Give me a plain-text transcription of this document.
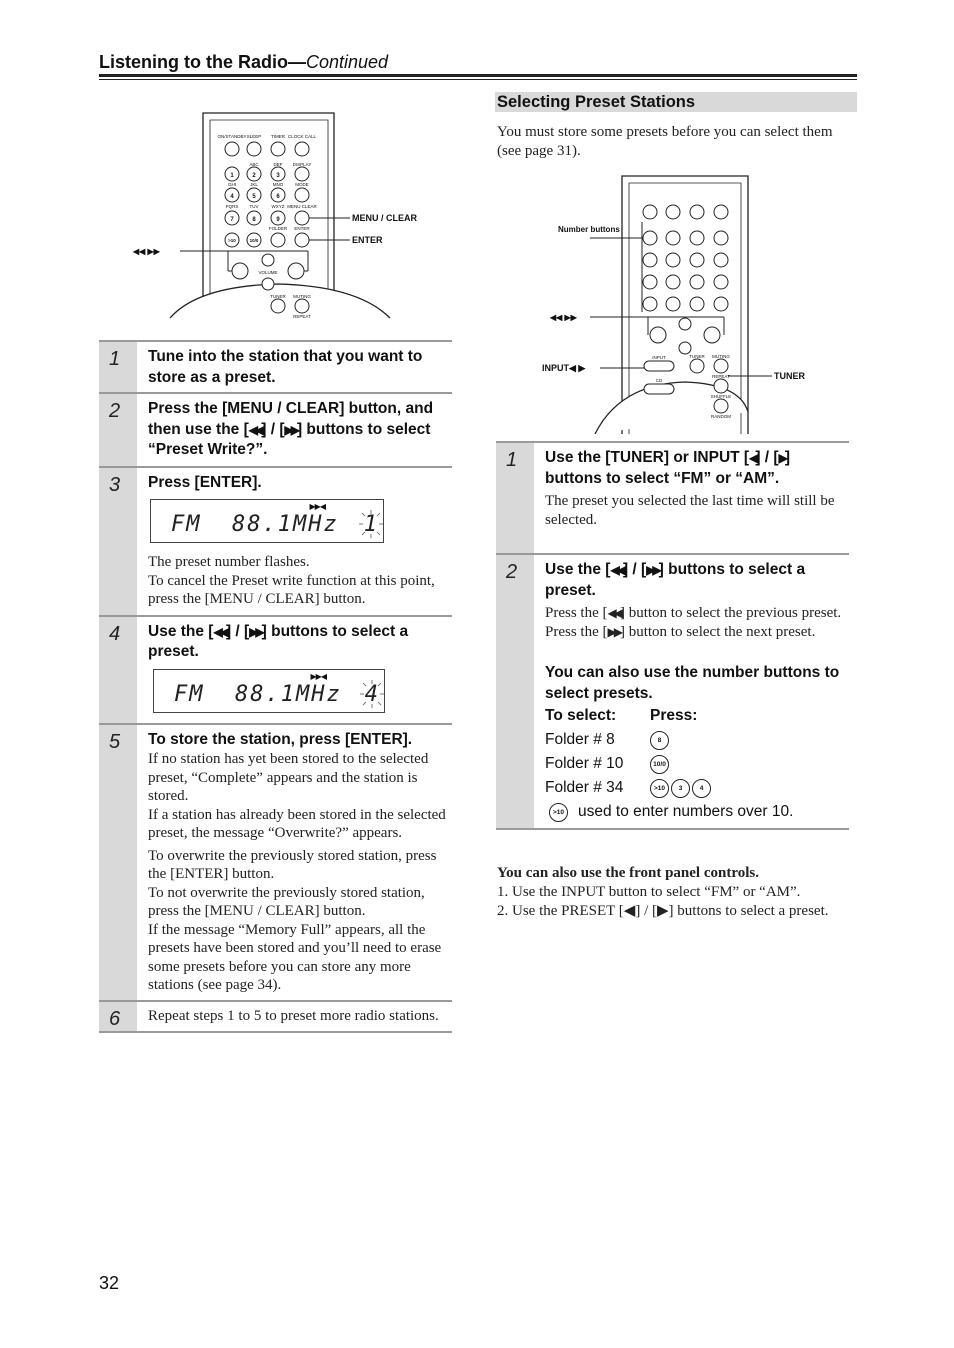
Listening to the Radio—Continued
ON/STANDBY SLEEP TIMER CLOCK CALL
ABC	DEF DISPLAY
GHI	JKL	MNO	MODE
PQRS TUV	WXYZ MENU CLEAR
FOLDER ENTER
VOLUME
TUNER MUTING
REPEAT
1	2	3
4	5	6
7	8	9
>10	10/0
MENU / CLEAR
ENTER
◀◀ ▶▶
1	Tune into the station that you want to store as a preset.
2	Press the [MENU / CLEAR] button, and then use the [◀◀] / [▶▶] buttons to select “Preset Write?”.
3	Press [ENTER].
▶▶◀
FM  88.1MHz 1

The preset number flashes.

To cancel the Preset write function at this point, press the [MENU / CLEAR] button.

4	Use the [◀◀] / [▶▶] buttons to select a preset.
▶▶◀
FM  88.1MHz 4
5	To store the station, press [ENTER].

If no station has yet been stored to the selected preset, “Complete” appears and the station is stored.

If a station has already been stored in the selected preset, the message “Overwrite?” appears.

To overwrite the previously stored station, press the [ENTER] button.

To not overwrite the previously stored station, press the [MENU / CLEAR] button.

If the message “Memory Full” appears, all the presets have been stored and you’ll need to erase some presets before you can store any more stations (see page 34).

6	Repeat steps 1 to 5 to preset more radio stations.
Selecting Preset Stations
You must store some presets before you can select them (see page 31).
Number buttons
◀◀ ▶▶
INPUT◀ ▶
TUNER
INPUT	TUNER MUTING
REPEAT
CD
SHUFFLE
RANDOM
1	Use the [TUNER] or INPUT [◀] / [▶] buttons to select “FM” or “AM”.
The preset you selected the last time will still be selected.
2	Use the [◀◀] / [▶▶] buttons to select a preset.
Press the [◀◀] button to select the previous preset. Press the [▶▶] button to select the next preset.
You can also use the number buttons to select presets.
To select:	Press:
Folder # 8	8
Folder # 10	10/0
Folder # 34	>10	3	4
>10 used to enter numbers over 10.
You can also use the front panel controls.
1. Use the INPUT button to select “FM” or “AM”.
2. Use the PRESET [◀] / [▶] buttons to select a preset.
32
